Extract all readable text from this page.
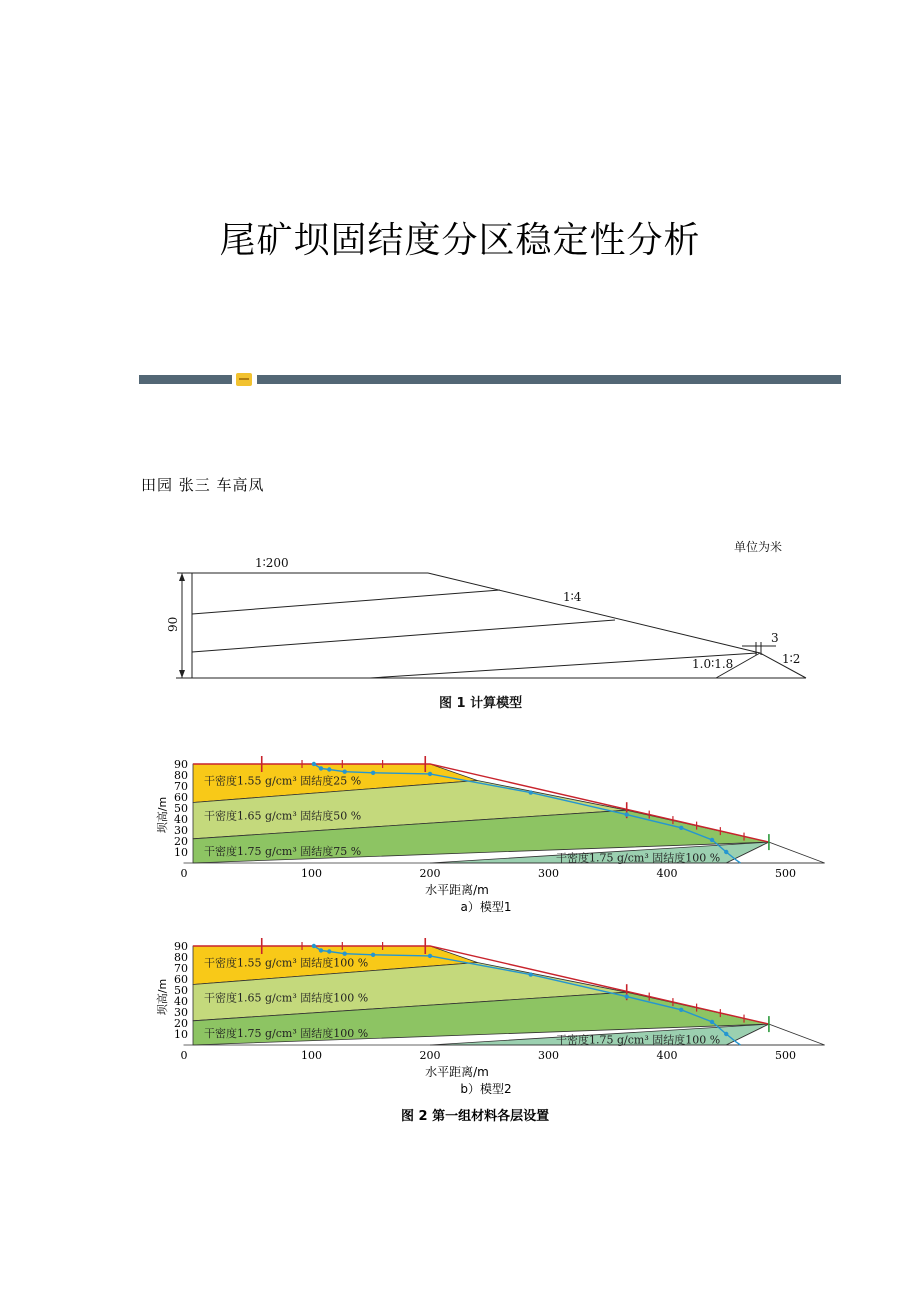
尾矿坝固结度分区稳定性分析
田园 张三 车高凤
单位为米
1∶200
1∶4
3
1∶2
1.0∶1.8
90
图 1 计算模型
90
80
70
60
50
40
30
20
10
0	100	200	300	400	500
坝高/m
水平距离/m
a）模型1
干密度1.55 g/cm³ 固结度25 %
干密度1.65 g/cm³ 固结度50 %
干密度1.75 g/cm³ 固结度75 %
干密度1.75 g/cm³ 固结度100 %
90
80
70
60
50
40
30
20
10
0	100	200	300	400	500
坝高/m
水平距离/m
b）模型2
干密度1.55 g/cm³ 固结度100 %
干密度1.65 g/cm³ 固结度100 %
干密度1.75 g/cm³ 固结度100 %
干密度1.75 g/cm³ 固结度100 %
图 2 第一组材料各层设置
